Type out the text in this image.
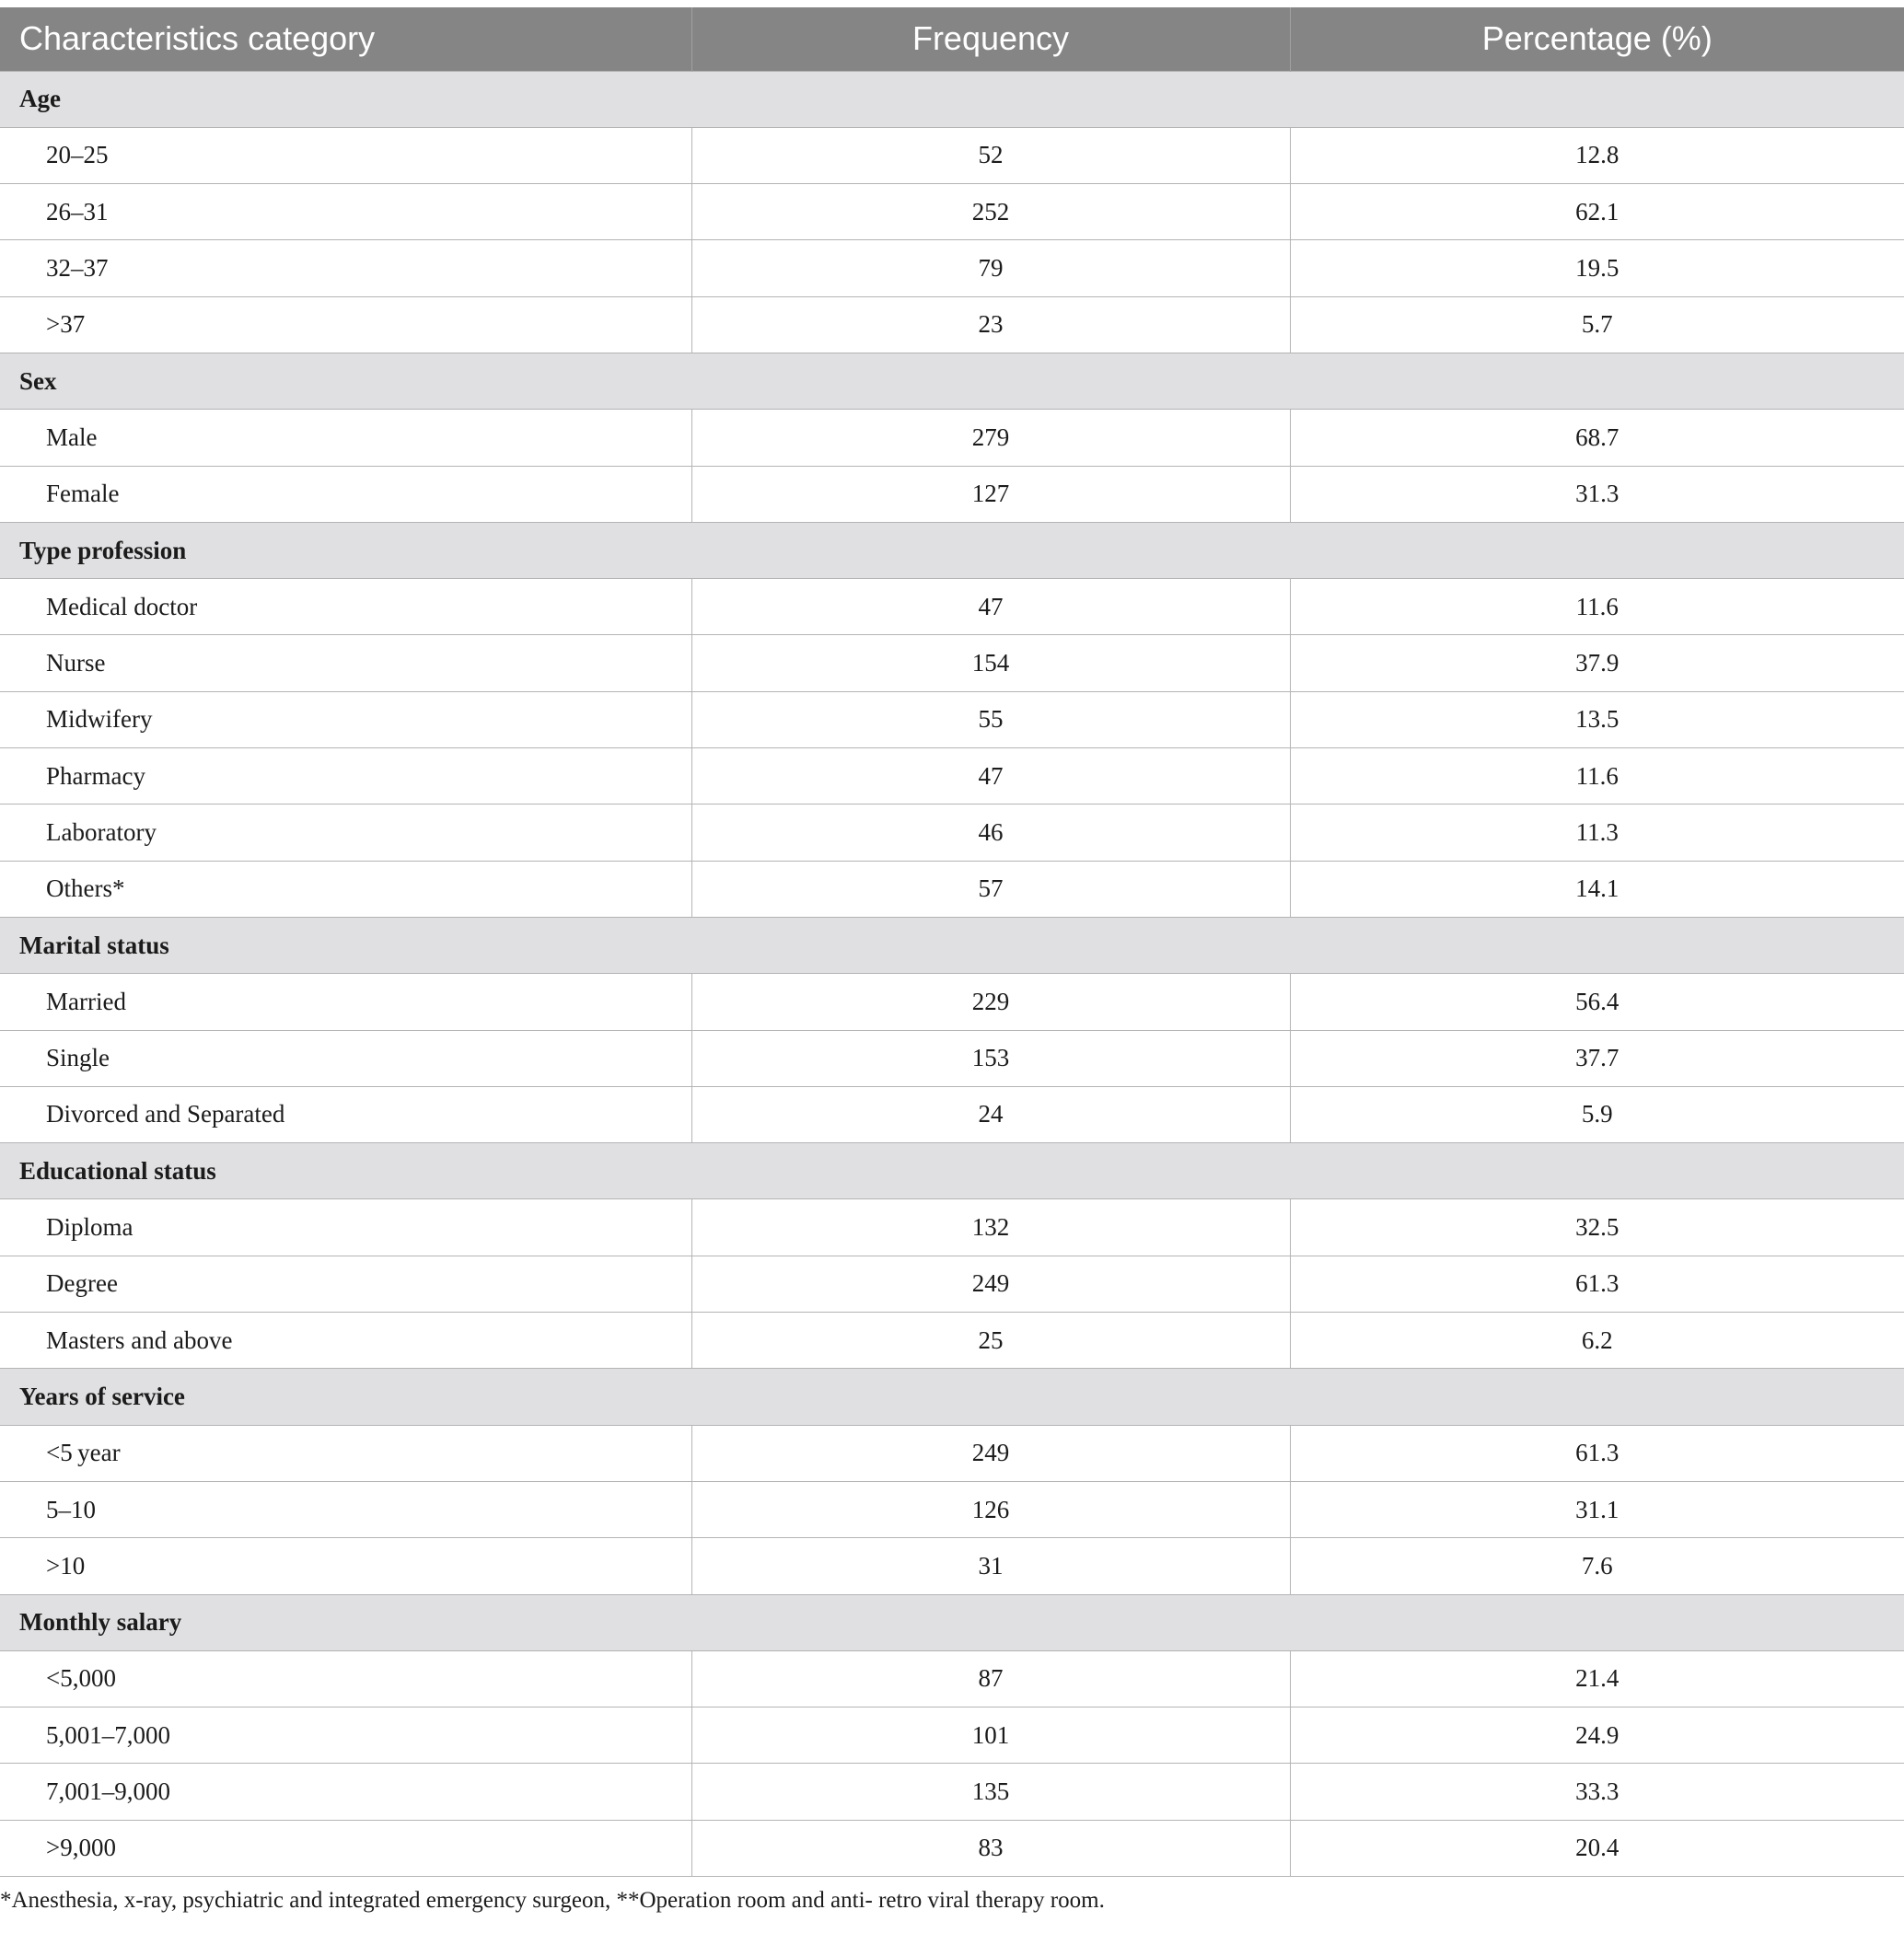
Characteristics category	Frequency	Percentage (%)
Age		
20–25	52	12.8
26–31	252	62.1
32–37	79	19.5
>37	23	5.7
Sex		
Male	279	68.7
Female	127	31.3
Type profession		
Medical doctor	47	11.6
Nurse	154	37.9
Midwifery	55	13.5
Pharmacy	47	11.6
Laboratory	46	11.3
Others*	57	14.1
Marital status		
Married	229	56.4
Single	153	37.7
Divorced and Separated	24	5.9
Educational status		
Diploma	132	32.5
Degree	249	61.3
Masters and above	25	6.2
Years of service		
<5 year	249	61.3
5–10	126	31.1
>10	31	7.6
Monthly salary		
<5,000	87	21.4
5,001–7,000	101	24.9
7,001–9,000	135	33.3
>9,000	83	20.4
*Anesthesia, x-ray, psychiatric and integrated emergency surgeon, **Operation room and anti- retro viral therapy room.
